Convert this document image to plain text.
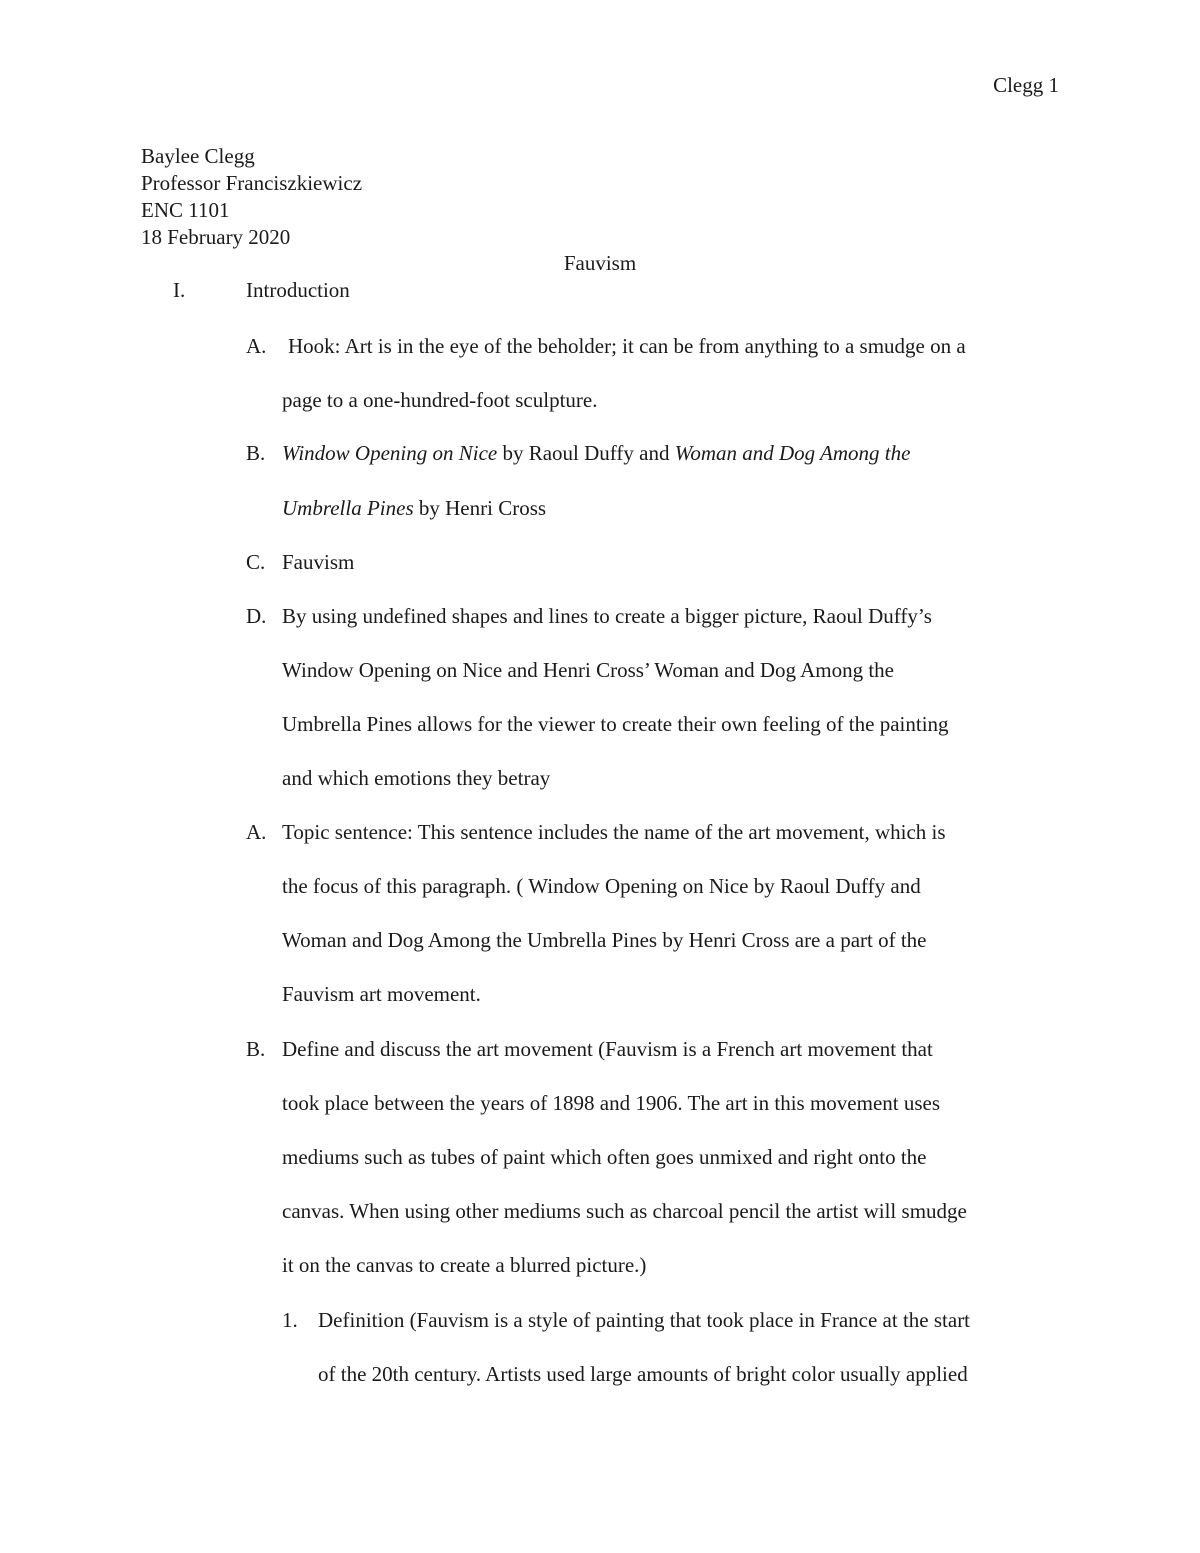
Clegg 1
Baylee Clegg
Professor Franciszkiewicz
ENC 1101
18 February 2020
Fauvism
I.	Introduction
A. Hook: Art is in the eye of the beholder; it can be from anything to a smudge on a
page to a one-hundred-foot sculpture.
B. Window Opening on Nice by Raoul Duffy and Woman and Dog Among the
Umbrella Pines by Henri Cross
C. Fauvism
D. By using undefined shapes and lines to create a bigger picture, Raoul Duffy’s
Window Opening on Nice and Henri Cross’ Woman and Dog Among the
Umbrella Pines allows for the viewer to create their own feeling of the painting
and which emotions they betray
A. Topic sentence: This sentence includes the name of the art movement, which is
the focus of this paragraph. ( Window Opening on Nice by Raoul Duffy and
Woman and Dog Among the Umbrella Pines by Henri Cross are a part of the
Fauvism art movement.
B. Define and discuss the art movement (Fauvism is a French art movement that
took place between the years of 1898 and 1906. The art in this movement uses
mediums such as tubes of paint which often goes unmixed and right onto the
canvas. When using other mediums such as charcoal pencil the artist will smudge
it on the canvas to create a blurred picture.)
1. Definition (Fauvism is a style of painting that took place in France at the start
of the 20th century. Artists used large amounts of bright color usually applied
